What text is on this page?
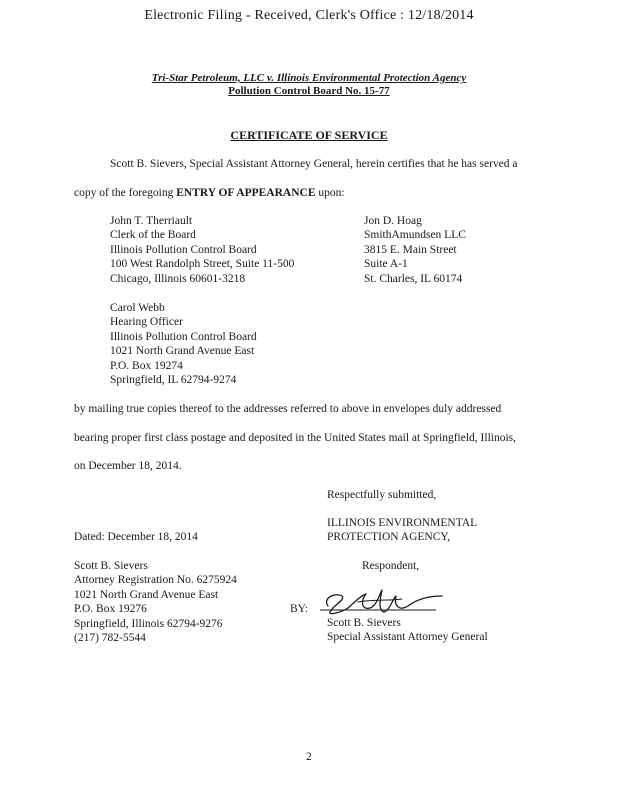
Electronic Filing - Received, Clerk's Office : 12/18/2014
Tri-Star Petroleum, LLC v. Illinois Environmental Protection Agency
Pollution Control Board No. 15-77
CERTIFICATE OF SERVICE
Scott B. Sievers, Special Assistant Attorney General, herein certifies that he has served a
copy of the foregoing ENTRY OF APPEARANCE upon:
John T. Therriault
Clerk of the Board
Illinois Pollution Control Board
100 West Randolph Street, Suite 11-500
Chicago, Illinois 60601-3218
Jon D. Hoag
SmithAmundsen LLC
3815 E. Main Street
Suite A-1
St. Charles, IL 60174
Carol Webb
Hearing Officer
Illinois Pollution Control Board
1021 North Grand Avenue East
P.O. Box 19274
Springfield, IL 62794-9274
by mailing true copies thereof to the addresses referred to above in envelopes duly addressed
bearing proper first class postage and deposited in the United States mail at Springfield, Illinois,
on December 18, 2014.
Respectfully submitted,
ILLINOIS ENVIRONMENTAL
PROTECTION AGENCY,
Dated: December 18, 2014
Respondent,
Scott B. Sievers
Attorney Registration No. 6275924
1021 North Grand Avenue East
P.O. Box 19276
Springfield, Illinois 62794-9276
(217) 782-5544
BY:
Scott B. Sievers
Special Assistant Attorney General
2
